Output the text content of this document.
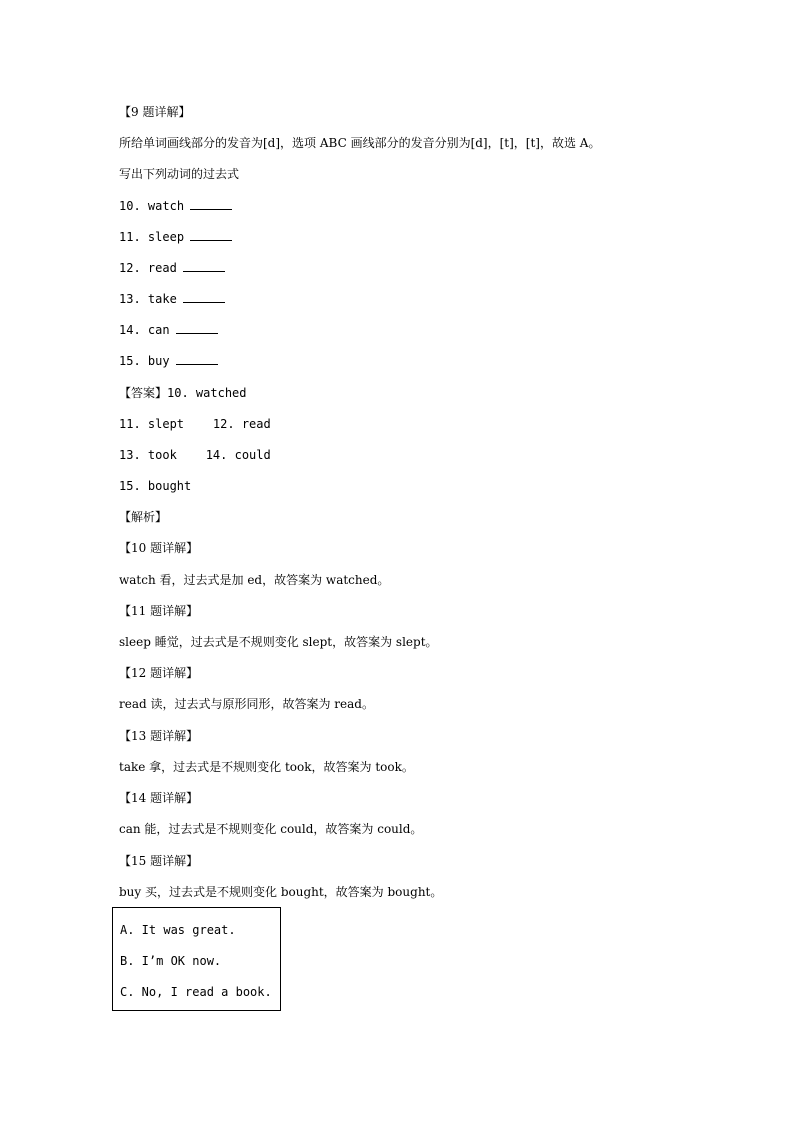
【9 题详解】
所给单词画线部分的发音为[d]，选项 ABC 画线部分的发音分别为[d]，[t]，[t]，故选 A。
写出下列动词的过去式
10. watch
11. sleep
12. read
13. take
14. can
15. buy
【答案】10. watched
11. slept    12. read
13. took    14. could
15. bought
【解析】
【10 题详解】
watch 看，过去式是加 ed，故答案为 watched。
【11 题详解】
sleep 睡觉，过去式是不规则变化 slept，故答案为 slept。
【12 题详解】
read 读，过去式与原形同形，故答案为 read。
【13 题详解】
take 拿，过去式是不规则变化 took，故答案为 took。
【14 题详解】
can 能，过去式是不规则变化 could，故答案为 could。
【15 题详解】
buy 买，过去式是不规则变化 bought，故答案为 bought。
A. It was great.
B. I’m OK now.
C. No, I read a book.
